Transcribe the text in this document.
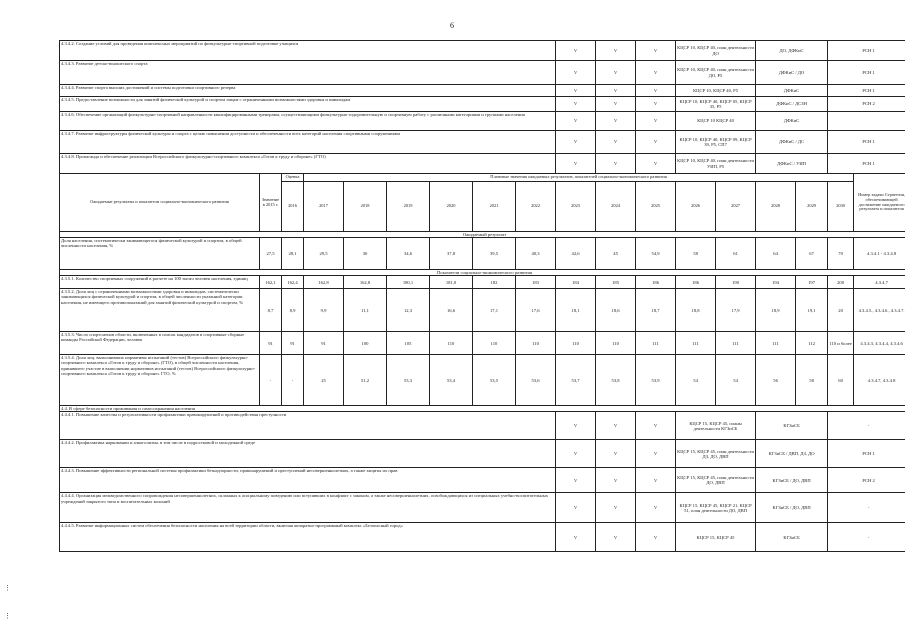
6
4.3.4.2. Создание условий для проведения комплексных мероприятий по физкультурно-спортивной подготовке учащихся									V	V	V	КЦСР 10, КЦСР 40, план деятельности ДО		ДО, ДФКиС		РСН 1	
4.3.4.3. Развитие детско-юношеского спорта									V	V	V	КЦСР 10, КЦСР 40, план деятельности ДО, Р5		ДФКиС / ДО		РСН 1	
4.3.4.4. Развитие спорта высших достижений и системы подготовки спортивного резерва									V	V	V	КЦСР 10, КЦСР 40, Р5		ДФКиС		РСН 1	
4.3.4.5. Предоставление возможности для занятий физической культурой и спортом лицам с ограниченными возможностями здоровья и инвалидам									V	V	V	КЦСР 10, КЦСР 40, КЦСР 05, КЦСР 35, Р5		ДФКиС / ДСЗН		РСН 2	
4.3.4.6. Обеспечение организаций физкультурно-спортивной направленности квалифицированными тренерами, осуществляющими физкультурно-оздоровительную и спортивную работу с различными категориями и группами населения									V	V	V	КЦСР 10 КЦСР 40		ДФКиС			
4.3.4.7. Развитие инфраструктуры физической культуры и спорта с целью повышения доступности и обеспеченности всех категорий населения спортивными сооружениями									V	V	V	КЦСР 10, КЦСР 40, КЦСР 09, КЦСР 39, Р5, СП7		ДФКиС / ДС		РСН 1	
4.3.4.8. Пропаганда и обеспечение реализации Всероссийского физкультурно-спортивного комплекса «Готов к труду и обороне» (ГТО)									V	V	V	КЦСР 10, КЦСР 40, план деятельности УИП, Р5		ДФКиС / УИП		РСН 1	
Ожидаемые результаты и показатели социально-экономического развития	Значение в 2015 г.	Оценка	Плановые значения ожидаемых результатов, показателей социально-экономического развития														Номер задачи Стратегии, обеспечивающей достижение ожидаемого результата и показателя
		2016	2017	2018	2019	2020	2021	2022	2023	2024	2025	2026	2027	2028	2029	2030	
Ожидаемый результат																	
Доля населения, систематически занимающегося физической культурой и спортом, в общей численности населения, %	27,5	28,1	29,5	30	34,6	37,8	39,5	40,3	42,6	45	54,9	58	61	64	67	70	4.3.4.1 - 4.3.4.8
Показатели социально-экономического развития																	
4.3.5.1. Количество спортивных сооружений в расчете на 100 тысяч человек населения, единиц	162,1	162,4	162,8	162,8	180,1	181,0	182	183	184	185	186	186	190	194	197	200	4.3.4.7
4.3.5.2. Доля лиц с ограниченными возможностями здоровья и инвалидов, систематически занимающихся физической культурой и спортом, в общей численности указанной категории населения, не имеющего противопоказаний для занятий физической культурой и спортом, %	8,7	8,9	9,9	11,1	12,3	16,6	17,1	17,6	18,1	18,6	18,7	18,8	17,9	18,9	19,1	20	4.3.4.5., 4.3.4.6., 4.3.4.7.
4.3.5.3. Число спортсменов области, включенных в список кандидатов в спортивные сборные команды Российской Федерации, человек	91	91	91	100	105	110	110	110	110	110	111	111	111	111	112	110 и более	4.3.4.3, 4.3.4.4, 4.3.4.6
4.3.5.4. Доля лиц, выполнивших нормативы испытаний (тестов) Всероссийского физкультурно-спортивного комплекса «Готов к труду и обороне» (ГТО), в общей численности населения, принявшего участие в выполнении нормативов испытаний (тестов) Всероссийского физкультурно-спортивного комплекса «Готов к труду и обороне» ГТО, %	-	-	25	51,2	53,3	53,4	53,5	53,6	53,7	53,8	53,9	54	54	56	58	60	4.3.4.7, 4.3.4.8
4.4. В сфере безопасности проживания и самосохранения населения																	
4.4.4.1. Повышение качества и результативности профилактики правонарушений и противодействия преступности									V	V	V	КЦСР 15, КЦСР 45, планы деятельности КГЗиСБ		КГЗиСБ		-	
4.4.4.2. Профилактика наркомании и алкоголизма, в том числе в подростковой и молодежной среде									V	V	V	КЦСР 15, КЦСР 45, план деятельности ДЗ, ДО, ДВП		КГЗиСБ / ДВП, ДЗ, ДО		РСН 1	
4.4.4.3. Повышение эффективности региональной системы профилактики безнадзорности, правонарушений и преступлений несовершеннолетних, а также защиты их прав									V	V	V	КЦСР 15, КЦСР 45, план деятельности ДО, ДВП		КГЗиСБ / ДО, ДВП		РСН 2	
4.4.4.4. Организация межведомственного сопровождения несовершеннолетних, склонных к асоциальному поведению или вступивших в конфликт с законом, а также несовершеннолетних, освобождающихся из специальных учебно-воспитательных учреждений закрытого типа и воспитательных колоний									V	V	V	КЦСР 15, КЦСР 45, КЦСР 21, КЦСР 51, план деятельности ДО, ДВП		КГЗиСБ / ДО, ДВП		-	
4.4.4.5. Развитие информационных систем обеспечения безопасности населения на всей территории области, включая аппаратно-программный комплекс «Безопасный город»									V	V	V	КЦСР 15, КЦСР 45		КГЗиСБ		-	
⋮
⋮
